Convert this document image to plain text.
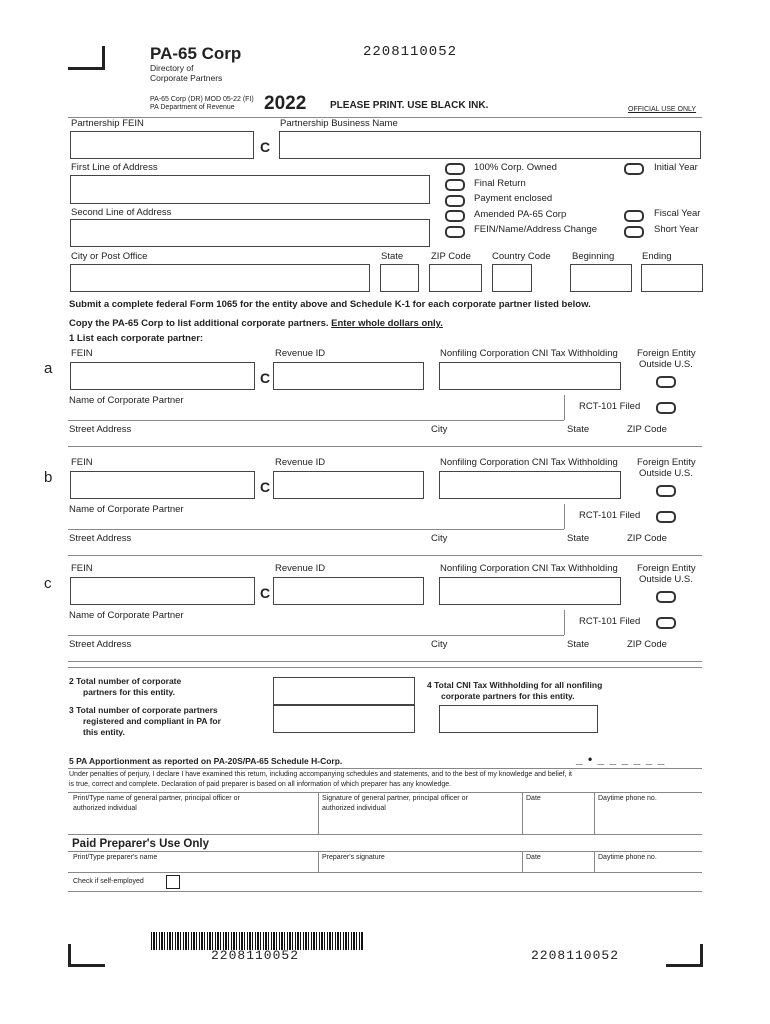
PA-65 Corp
Directory of
Corporate Partners
2208110052
PA-65 Corp (DR) MOD 05-22 (FI)
PA Department of Revenue 2022 PLEASE PRINT. USE BLACK INK.	OFFICIAL USE ONLY
Partnership FEIN
C
Partnership Business Name
First Line of Address
Second Line of Address
100% Corp. Owned
Final Return
Payment enclosed
Amended PA-65 Corp
FEIN/Name/Address Change
Initial Year
Fiscal Year
Short Year
City or Post Office	State	ZIP Code Country Code Beginning	Ending
Submit a complete federal Form 1065 for the entity above and Schedule K-1 for each corporate partner listed below.
Copy the PA-65 Corp to list additional corporate partners. Enter whole dollars only.
1 List each corporate partner:
a
FEIN
C
Revenue ID	Nonfiling Corporation CNI Tax Withholding Foreign Entity
Outside U.S.
Name of Corporate Partner
RCT-101 Filed
Street Address	City	State	ZIP Code
b
FEIN
C
Revenue ID	Nonfiling Corporation CNI Tax Withholding Foreign Entity
Outside U.S.
Name of Corporate Partner
RCT-101 Filed
Street Address	City	State	ZIP Code
c
FEIN
C
Revenue ID	Nonfiling Corporation CNI Tax Withholding Foreign Entity
Outside U.S.
Name of Corporate Partner
RCT-101 Filed
Street Address	City	State	ZIP Code
2 Total number of corporate
partners for this entity.
3 Total number of corporate partners
registered and compliant in PA for
this entity.
4 Total CNI Tax Withholding for all nonfiling
corporate partners for this entity.
5 PA Apportionment as reported on PA-20S/PA-65 Schedule H-Corp.	_ • _ _ _ _ _ _
Under penalties of perjury, I declare I have examined this return, including accompanying schedules and statements, and to the best of my knowledge and belief, it
is true, correct and complete. Declaration of paid preparer is based on all information of which preparer has any knowledge.
Print/Type name of general partner, principal officer or
authorized individual
Signature of general partner, principal officer or
authorized individual
Date	Daytime phone no.
Paid Preparer's Use Only
Print/Type preparer's name	Preparer's signature	Date	Daytime phone no.
Check if self-employed
2208110052	2208110052
